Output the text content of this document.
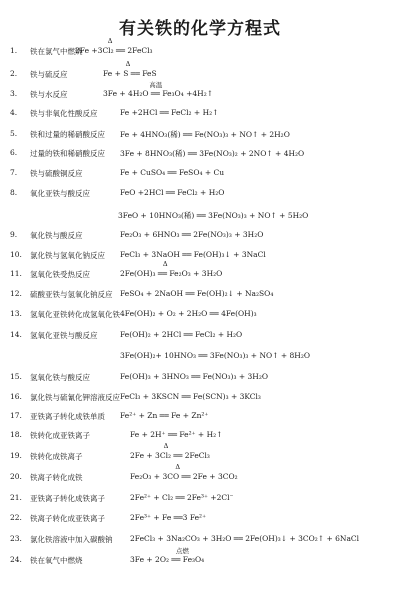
有关铁的化学方程式
1. 铁在氯气中燃烧
2Fe +3Cl₂ ══ 2FeCl₃
Δ
2. 铁与硫反应	Fe + S ══ FeS
Δ
3. 铁与水反应	3Fe + 4H₂O ══ Fe₃O₄ +4H₂↑
高温
4. 铁与非氧化性酸反应	Fe +2HCl ══ FeCl₂ + H₂↑
5. 铁和过量的稀硝酸反应 Fe + 4HNO₃(稀) ══ Fe(NO₃)₃ + NO↑ + 2H₂O
6. 过量的铁和稀硝酸反应 3Fe + 8HNO₃(稀) ══ 3Fe(NO₃)₂ + 2NO↑ + 4H₂O
7. 铁与硫酸铜反应	Fe + CuSO₄ ══ FeSO₄ + Cu
8. 氧化亚铁与酸反应	FeO +2HCl ══ FeCl₂ + H₂O
3FeO + 10HNO₃(稀) ══ 3Fe(NO₃)₃ + NO↑ + 5H₂O
9. 氧化铁与酸反应	Fe₂O₃ + 6HNO₃ ══ 2Fe(NO₃)₃ + 3H₂O
10. 氯化铁与氢氧化钠反应 FeCl₃ + 3NaOH ══ Fe(OH)₃↓ + 3NaCl
11. 氢氧化铁受热反应	2Fe(OH)₃ ══ Fe₂O₃ + 3H₂O
Δ
12. 硫酸亚铁与氢氧化钠反应 FeSO₄ + 2NaOH ══ Fe(OH)₂↓ + Na₂SO₄
13. 氢氧化亚铁转化成氢氧化铁 4Fe(OH)₂ + O₂ + 2H₂O ══ 4Fe(OH)₃
14. 氢氧化亚铁与酸反应	Fe(OH)₂ + 2HCl ══ FeCl₂ + H₂O
3Fe(OH)₂+ 10HNO₃ ══ 3Fe(NO₃)₃ + NO↑ + 8H₂O
15. 氢氧化铁与酸反应	Fe(OH)₃ + 3HNO₃ ══ Fe(NO₃)₃ + 3H₂O
16. 氯化铁与硫氰化钾溶液反应 FeCl₃ + 3KSCN ══ Fe(SCN)₃ + 3KCl₃
17. 亚铁离子转化成铁单质 Fe²⁺ + Zn ══ Fe + Zn²⁺
18. 铁转化成亚铁离子	Fe + 2H⁺ ══ Fe²⁺ + H₂↑
19. 铁转化成铁离子	2Fe + 3Cl₂ ══ 2FeCl₃
Δ
20. 铁离子转化成铁	Fe₂O₃ + 3CO ══ 2Fe + 3CO₂
Δ
21. 亚铁离子转化成铁离子	2Fe²⁺ + Cl₂ ══ 2Fe³⁺ +2Cl⁻
22. 铁离子转化成亚铁离子	2Fe³⁺ + Fe ══3 Fe²⁺
23. 氯化铁溶液中加入碳酸钠 2FeCl₃ + 3Na₂CO₃ + 3H₂O ══ 2Fe(OH)₃↓ + 3CO₂↑ + 6NaCl
24. 铁在氧气中燃烧	3Fe + 2O₂ ══ Fe₃O₄
点燃
